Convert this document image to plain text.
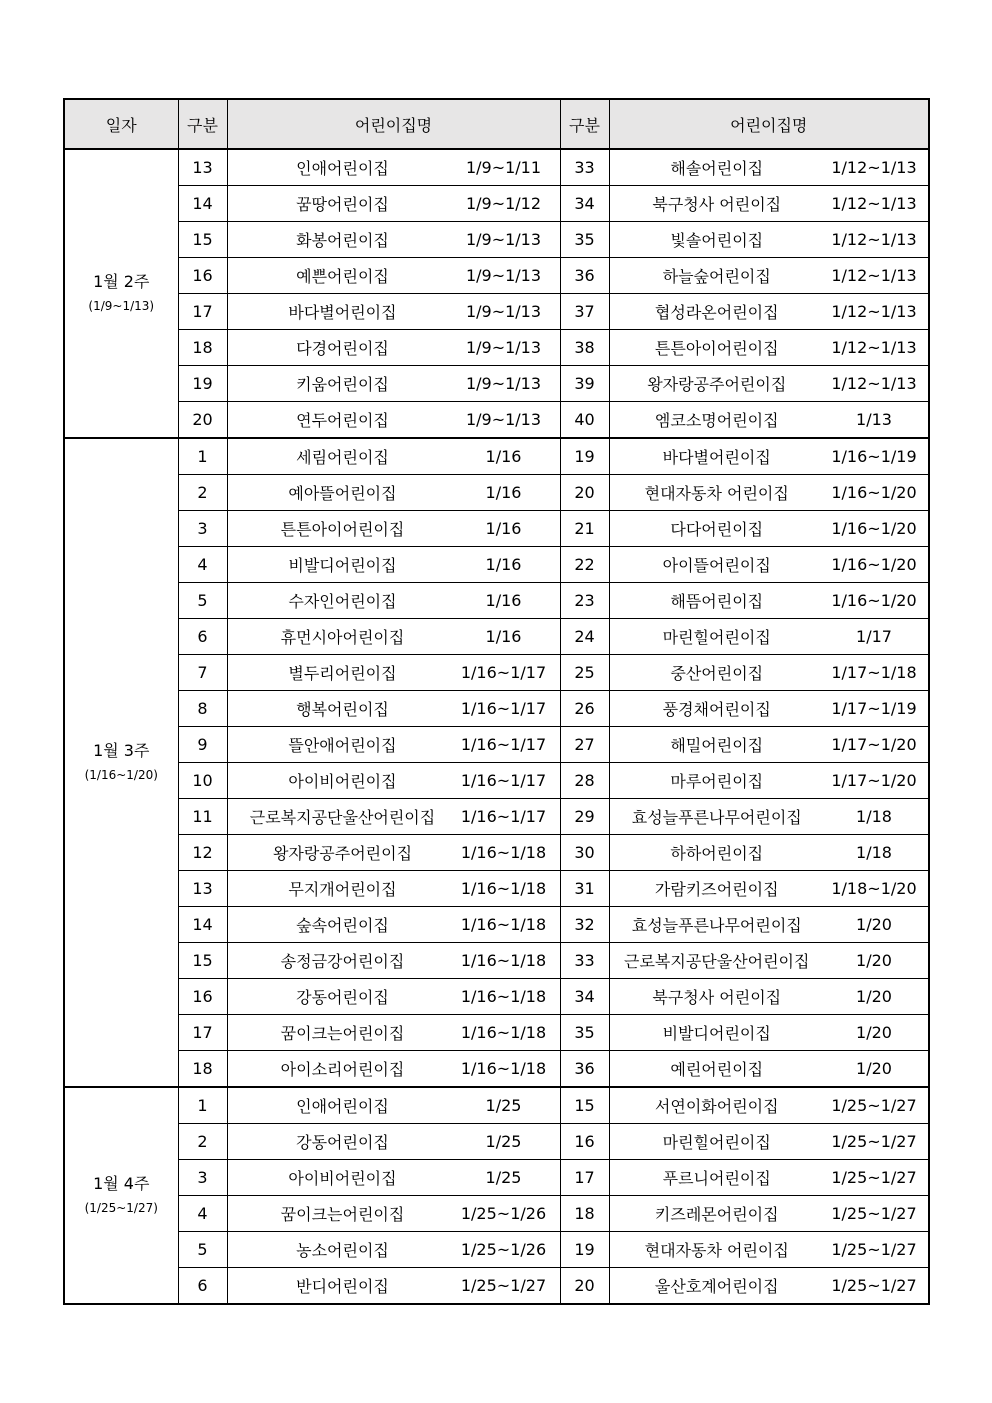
일자	구분	어린이집명	구분	어린이집명
1월 2주
(1/9~1/13)	13	인애어린이집 1/9~1/11	33	해솔어린이집 1/12~1/13

	14	꿈땅어린이집 1/9~1/12	34	북구청사 어린이집 1/12~1/13

	15	화봉어린이집 1/9~1/13	35	빛솔어린이집 1/12~1/13

	16	예쁜어린이집 1/9~1/13	36	하늘숲어린이집 1/12~1/13

	17	바다별어린이집 1/9~1/13	37	협성라온어린이집 1/12~1/13

	18	다경어린이집 1/9~1/13	38	튼튼아이어린이집 1/12~1/13

	19	키움어린이집 1/9~1/13	39	왕자랑공주어린이집 1/12~1/13

	20	연두어린이집 1/9~1/13	40	엠코소명어린이집 1/13

1월 3주
(1/16~1/20)	1	세림어린이집 1/16	19	바다별어린이집 1/16~1/19

	2	예아뜰어린이집 1/16	20	현대자동차 어린이집 1/16~1/20

	3	튼튼아이어린이집 1/16	21	다다어린이집 1/16~1/20

	4	비발디어린이집 1/16	22	아이뜰어린이집 1/16~1/20

	5	수자인어린이집 1/16	23	해뜸어린이집 1/16~1/20

	6	휴먼시아어린이집 1/16	24	마린힐어린이집 1/17

	7	별두리어린이집 1/16~1/17	25	중산어린이집 1/17~1/18

	8	행복어린이집 1/16~1/17	26	풍경채어린이집 1/17~1/19

	9	뜰안애어린이집 1/16~1/17	27	해밀어린이집 1/17~1/20

	10	아이비어린이집 1/16~1/17	28	마루어린이집 1/17~1/20

	11	근로복지공단울산어린이집 1/16~1/17	29	효성늘푸른나무어린이집 1/18

	12	왕자랑공주어린이집 1/16~1/18	30	하하어린이집 1/18

	13	무지개어린이집 1/16~1/18	31	가람키즈어린이집 1/18~1/20

	14	숲속어린이집 1/16~1/18	32	효성늘푸른나무어린이집 1/20

	15	송정금강어린이집 1/16~1/18	33	근로복지공단울산어린이집 1/20

	16	강동어린이집 1/16~1/18	34	북구청사 어린이집 1/20

	17	꿈이크는어린이집 1/16~1/18	35	비발디어린이집 1/20

	18	아이소리어린이집 1/16~1/18	36	예린어린이집 1/20

1월 4주
(1/25~1/27)	1	인애어린이집 1/25	15	서연이화어린이집 1/25~1/27

	2	강동어린이집 1/25	16	마린힐어린이집 1/25~1/27

	3	아이비어린이집 1/25	17	푸르니어린이집 1/25~1/27

	4	꿈이크는어린이집 1/25~1/26	18	키즈레몬어린이집 1/25~1/27

	5	농소어린이집 1/25~1/26	19	현대자동차 어린이집 1/25~1/27

	6	반디어린이집 1/25~1/27	20	울산호계어린이집 1/25~1/27
